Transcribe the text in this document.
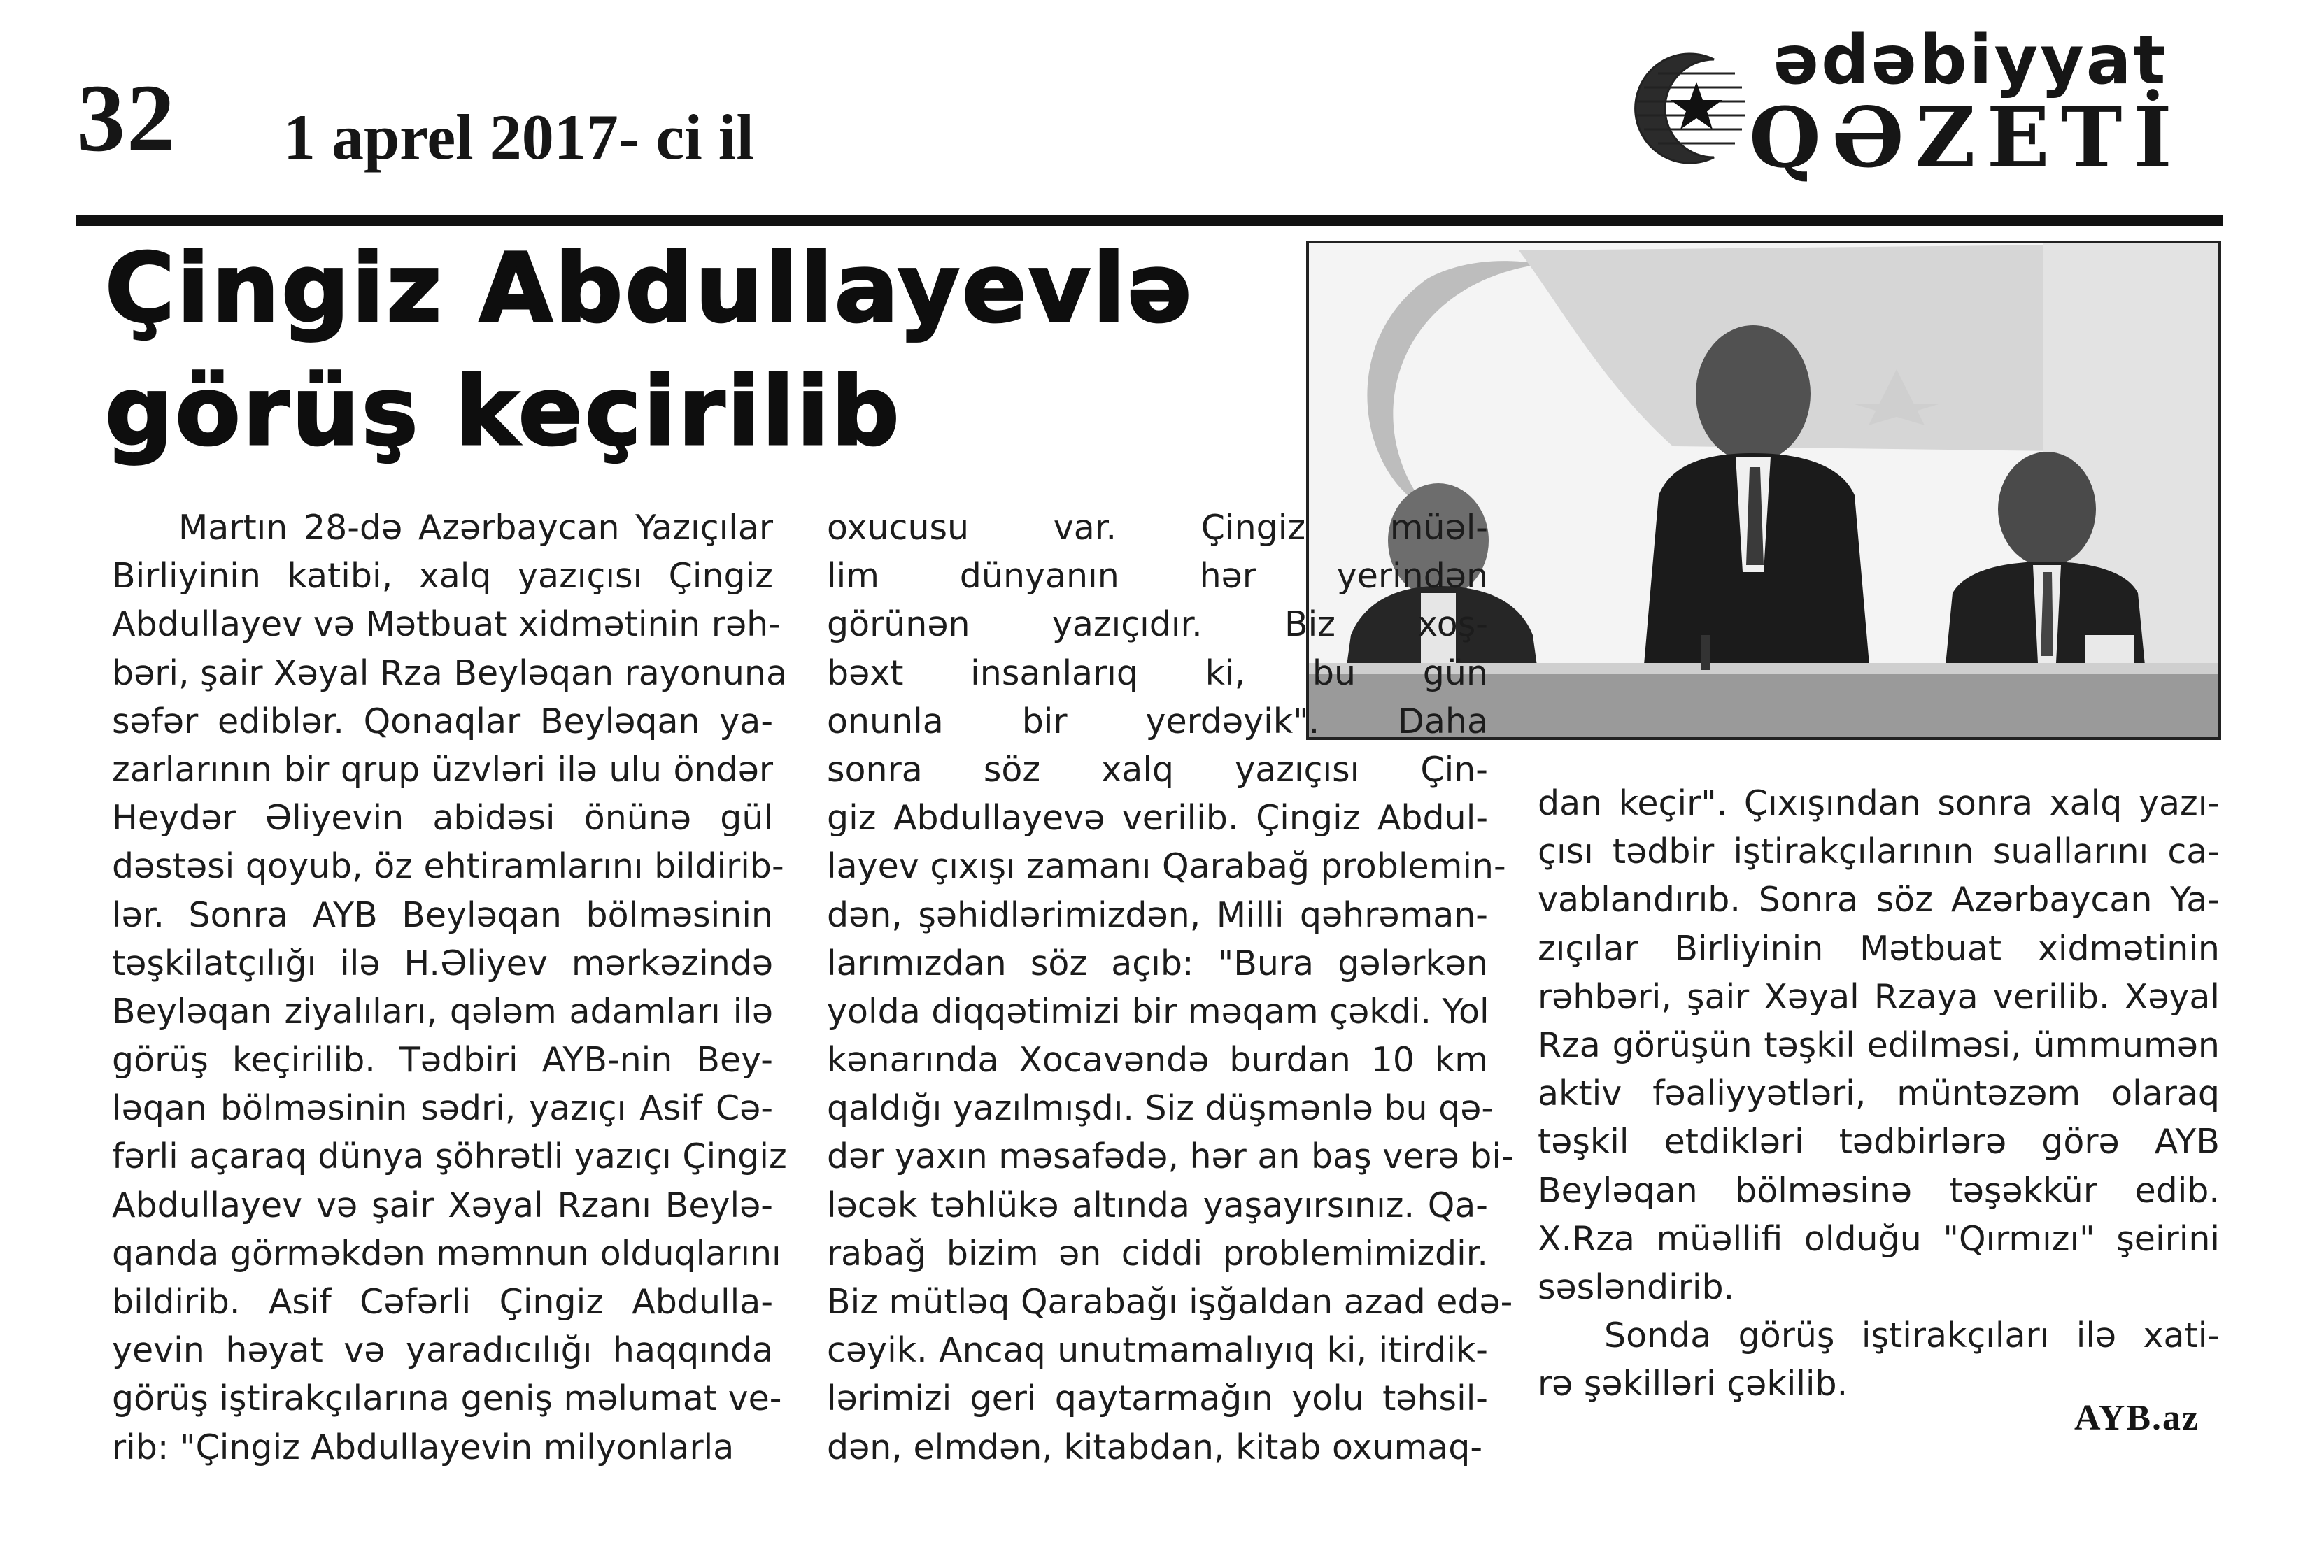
32 1 aprel 2017- ci il
ədəbiyyat
QƏZETİ
Çingiz Abdullayevlə
görüş keçirilib
Martın 28-də Azərbaycan Yazıçılar
Birliyinin katibi, xalq yazıçısı Çingiz
Abdullayev və Mətbuat xidmətinin rəh-
bəri, şair Xəyal Rza Beyləqan rayonuna
səfər ediblər. Qonaqlar Beyləqan ya-
zarlarının bir qrup üzvləri ilə ulu öndər
Heydər Əliyevin abidəsi önünə gül
dəstəsi qoyub, öz ehtiramlarını bildirib-
lər. Sonra AYB Beyləqan bölməsinin
təşkilatçılığı ilə H.Əliyev mərkəzində
Beyləqan ziyalıları, qələm adamları ilə
görüş keçirilib. Tədbiri AYB-nin Bey-
ləqan bölməsinin sədri, yazıçı Asif Cə-
fərli açaraq dünya şöhrətli yazıçı Çingiz
Abdullayev və şair Xəyal Rzanı Beylə-
qanda görməkdən məmnun olduqlarını
bildirib. Asif Cəfərli Çingiz Abdulla-
yevin həyat və yaradıcılığı haqqında
görüş iştirakçılarına geniş məlumat ve-
rib: "Çingiz Abdullayevin milyonlarla
oxucusu var. Çingiz müəl-
lim dünyanın hər yerindən
görünən yazıçıdır. Biz xoş-
bəxt insanlarıq ki, bu gün
onunla bir yerdəyik". Daha
sonra söz xalq yazıçısı Çin-
giz Abdullayevə verilib. Çingiz Abdul-
layev çıxışı zamanı Qarabağ problemin-
dən, şəhidlərimizdən, Milli qəhrəman-
larımızdan söz açıb: "Bura gələrkən
yolda diqqətimizi bir məqam çəkdi. Yol
kənarında Xocavəndə burdan 10 km
qaldığı yazılmışdı. Siz düşmənlə bu qə-
dər yaxın məsafədə, hər an baş verə bi-
ləcək təhlükə altında yaşayırsınız. Qa-
rabağ bizim ən ciddi problemimizdir.
Biz mütləq Qarabağı işğaldan azad edə-
cəyik. Ancaq unutmamalıyıq ki, itirdik-
lərimizi geri qaytarmağın yolu təhsil-
dən, elmdən, kitabdan, kitab oxumaq-
dan keçir". Çıxışından sonra xalq yazı-
çısı tədbir iştirakçılarının suallarını ca-
vablandırıb. Sonra söz Azərbaycan Ya-
zıçılar Birliyinin Mətbuat xidmətinin
rəhbəri, şair Xəyal Rzaya verilib. Xəyal
Rza görüşün təşkil edilməsi, ümmumən
aktiv fəaliyyətləri, müntəzəm olaraq
təşkil etdikləri tədbirlərə görə AYB
Beyləqan bölməsinə təşəkkür edib.
X.Rza müəllifi olduğu "Qırmızı" şeirini
səsləndirib.
Sonda görüş iştirakçıları ilə xati-
rə şəkilləri çəkilib.
AYB.az
